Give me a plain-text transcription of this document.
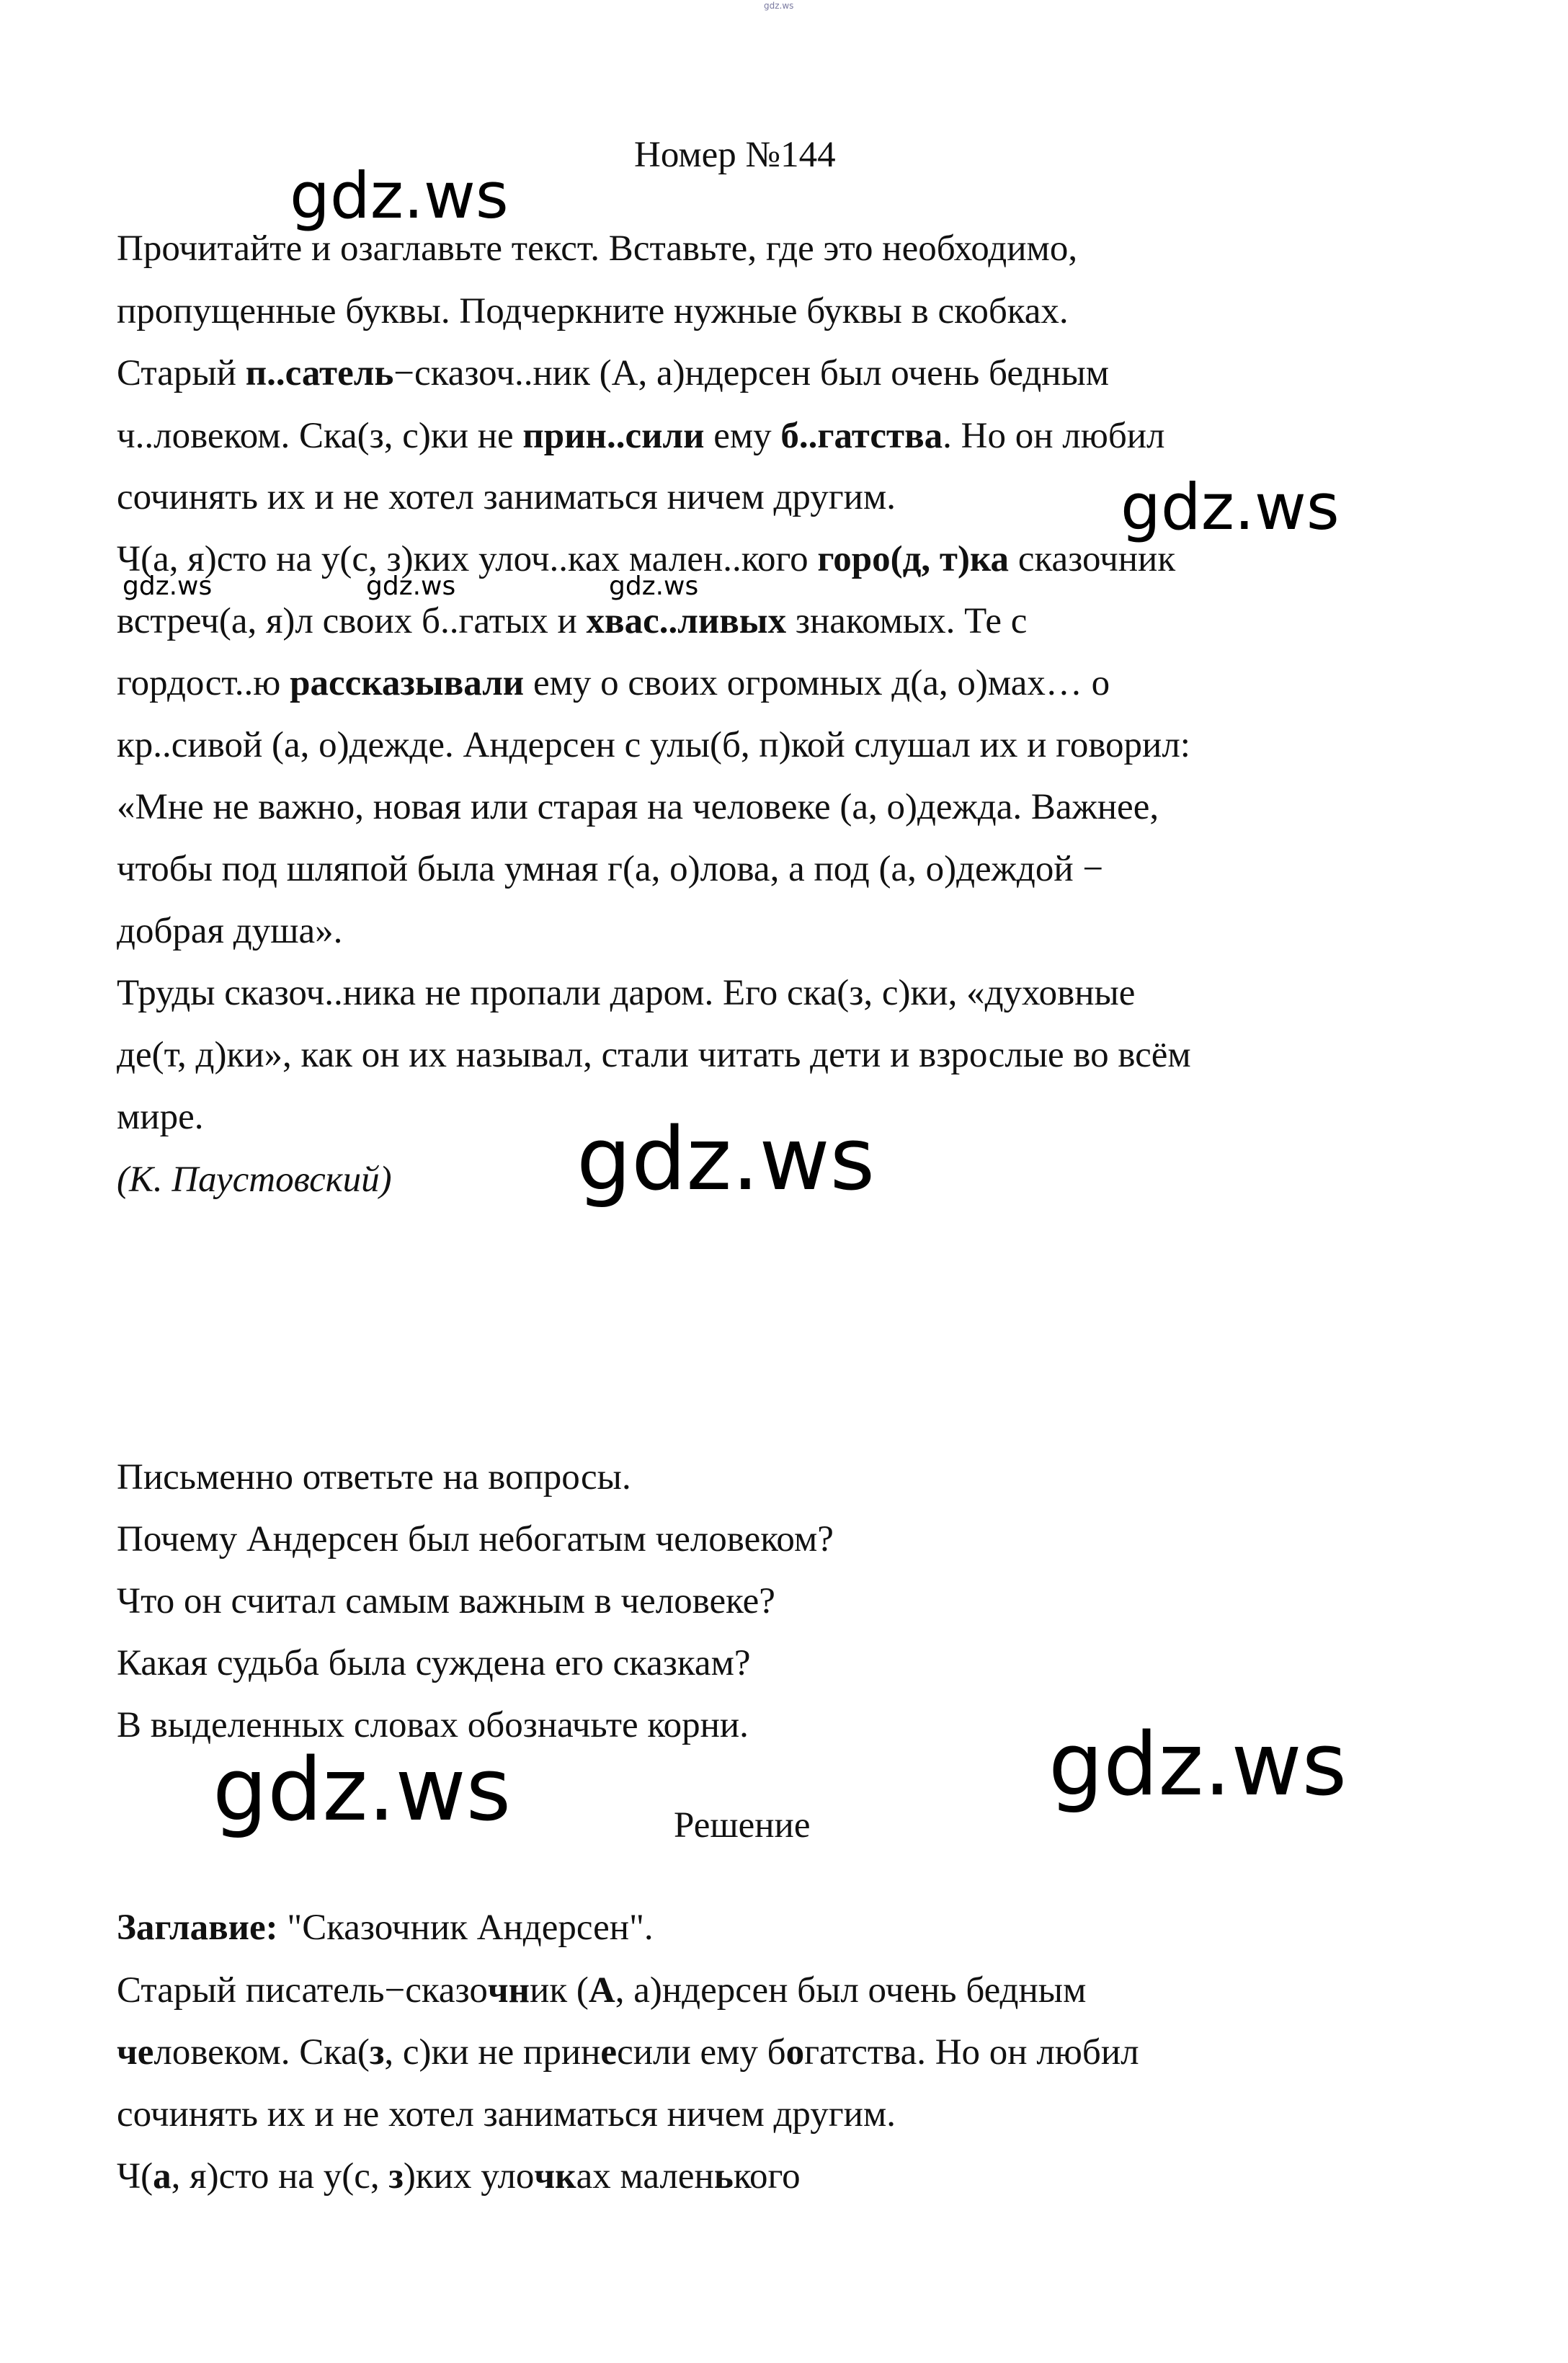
gdz.ws
gdz.ws
gdz.ws
gdz.ws	gdz.ws	gdz.ws
gdz.ws
gdz.ws	gdz.ws
Номер №144
Прочитайте и озаглавьте текст. Вставьте, где это необходимо,
пропущенные буквы. Подчеркните нужные буквы в скобках.
Старый п..сатель−сказоч..ник (А, а)ндерсен был очень бедным
ч..ловеком. Ска(з, с)ки не прин..сили ему б..гатства. Но он любил
сочинять их и не хотел заниматься ничем другим.
Ч(а, я)сто на у(с, з)ких улоч..ках мален..кого горо(д, т)ка сказочник
встреч(а, я)л своих б..гатых и хвас..ливых знакомых. Те с
гордост..ю рассказывали ему о своих огромных д(а, о)мах… о
кр..сивой (а, о)дежде. Андерсен с улы(б, п)кой слушал их и говорил:
«Мне не важно, новая или старая на человеке (а, о)дежда. Важнее,
чтобы под шляпой была умная г(а, о)лова, а под (а, о)деждой −
добрая душа».
Труды сказоч..ника не пропали даром. Его ска(з, с)ки, «духовные
де(т, д)ки», как он их называл, стали читать дети и взрослые во всём
мире.
(К. Паустовский)
Письменно ответьте на вопросы.
Почему Андерсен был небогатым человеком?
Что он считал самым важным в человеке?
Какая судьба была суждена его сказкам?
В выделенных словах обозначьте корни.
Решение
Заглавие: "Сказочник Андерсен".
Старый писатель−сказочник (А, а)ндерсен был очень бедным
человеком. Ска(з, с)ки не принесили ему богатства. Но он любил
сочинять их и не хотел заниматься ничем другим.
Ч(а, я)сто на у(с, з)ких улочках маленького
